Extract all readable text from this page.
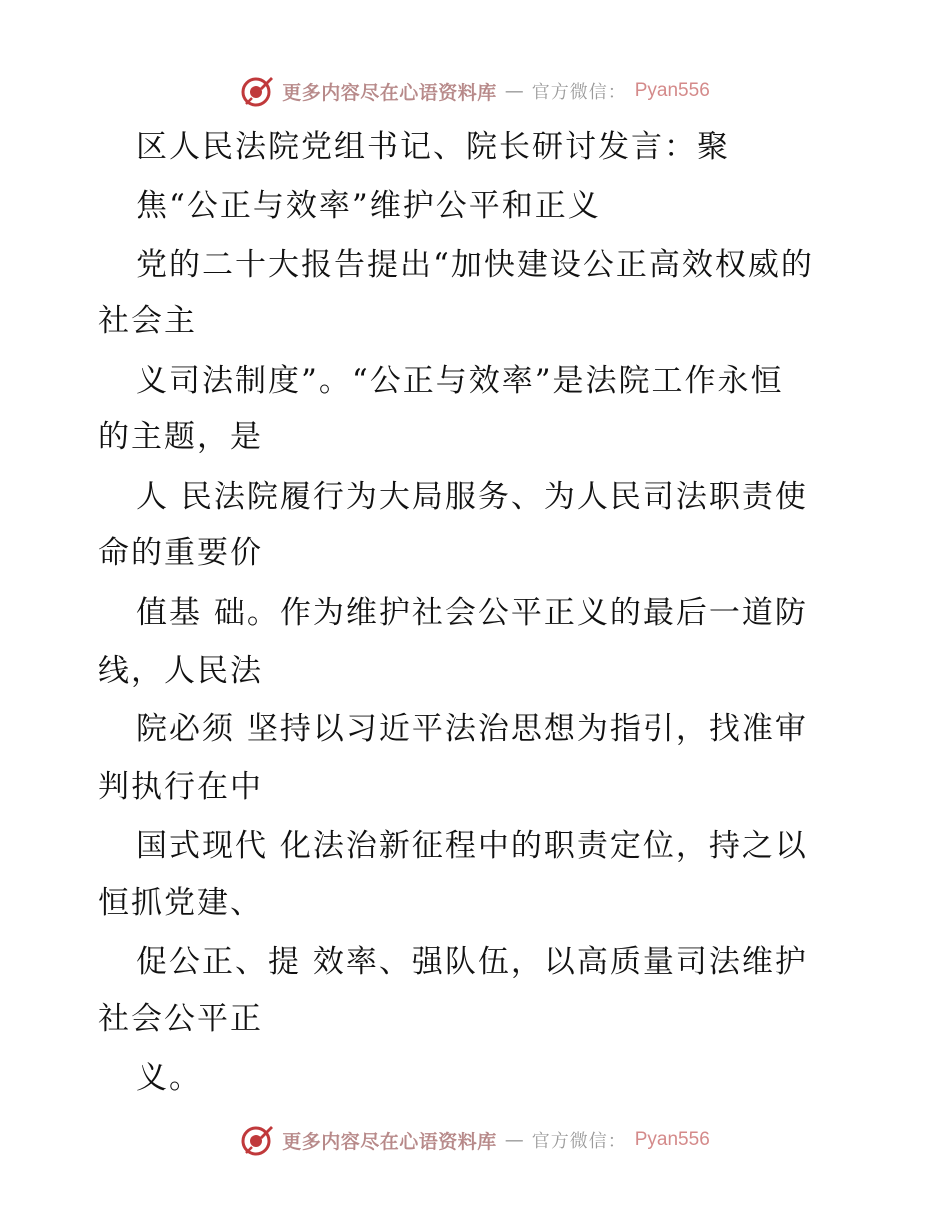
更多内容尽在心语资料库 — 官方微信： Pyan556
区人民法院党组书记、院长研讨发言：聚
焦“公正与效率”维护公平和正义
党的二十大报告提出“加快建设公正高效权威的
社会主
义司法制度”。“公正与效率”是法院工作永恒
的主题，是
人 民法院履行为大局服务、为人民司法职责使
命的重要价
值基 础。作为维护社会公平正义的最后一道防
线，人民法
院必须 坚持以习近平法治思想为指引，找准审
判执行在中
国式现代 化法治新征程中的职责定位，持之以
恒抓党建、
促公正、提 效率、强队伍，以高质量司法维护
社会公平正
义。
更多内容尽在心语资料库 — 官方微信： Pyan556
